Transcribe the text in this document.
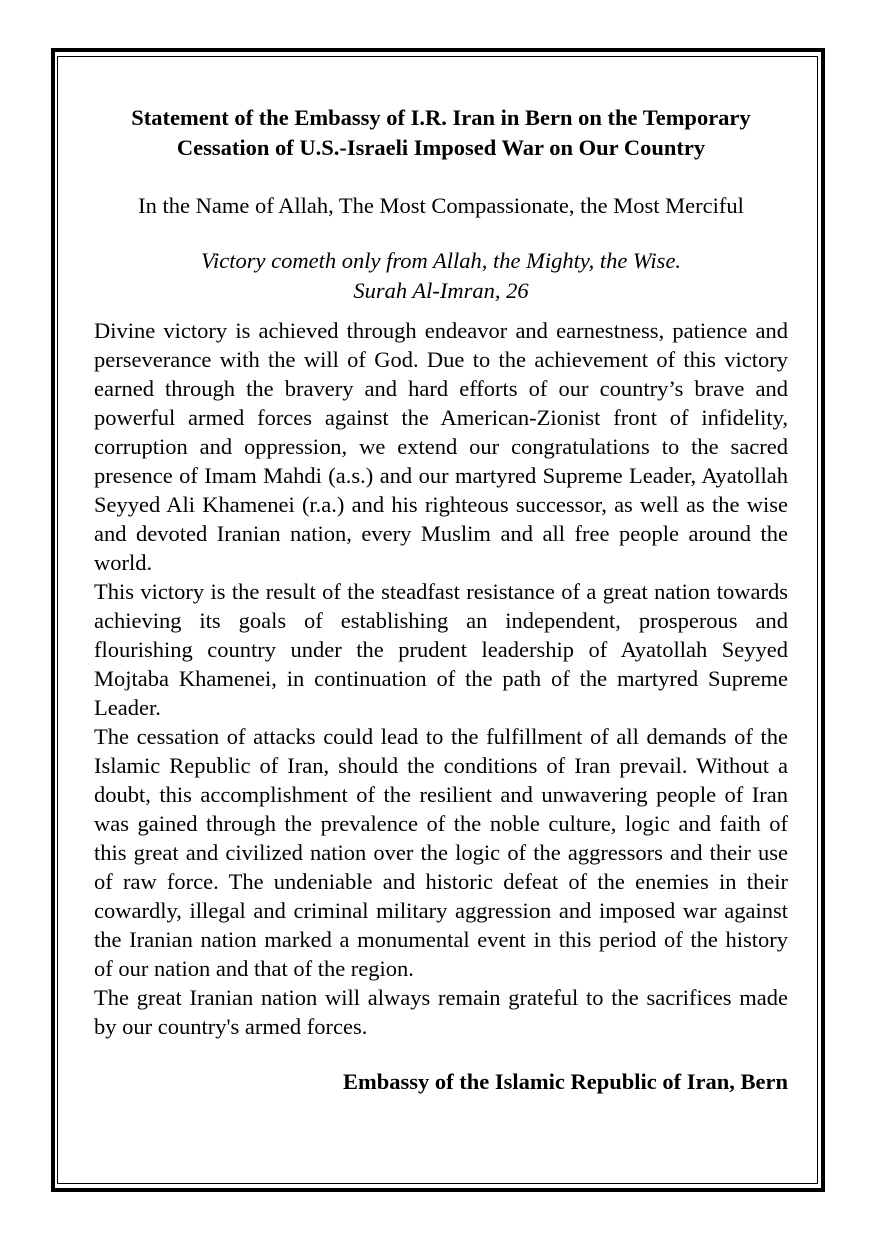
Statement of the Embassy of I.R. Iran in Bern on the Temporary
Cessation of U.S.-Israeli Imposed War on Our Country

In the Name of Allah, The Most Compassionate, the Most Merciful

Victory cometh only from Allah, the Mighty, the Wise.
Surah Al-Imran, 26

Divine victory is achieved through endeavor and earnestness, patience and perseverance with the will of God. Due to the achievement of this victory earned through the bravery and hard efforts of our country’s brave and powerful armed forces against the American-Zionist front of infidelity, corruption and oppression, we extend our congratulations to the sacred presence of Imam Mahdi (a.s.) and our martyred Supreme Leader, Ayatollah Seyyed Ali Khamenei (r.a.) and his righteous successor, as well as the wise and devoted Iranian nation, every Muslim and all free people around the world.

This victory is the result of the steadfast resistance of a great nation towards achieving its goals of establishing an independent, prosperous and flourishing country under the prudent leadership of Ayatollah Seyyed Mojtaba Khamenei, in continuation of the path of the martyred Supreme Leader.

The cessation of attacks could lead to the fulfillment of all demands of the Islamic Republic of Iran, should the conditions of Iran prevail. Without a doubt, this accomplishment of the resilient and unwavering people of Iran was gained through the prevalence of the noble culture, logic and faith of this great and civilized nation over the logic of the aggressors and their use of raw force. The undeniable and historic defeat of the enemies in their cowardly, illegal and criminal military aggression and imposed war against the Iranian nation marked a monumental event in this period of the history of our nation and that of the region.

The great Iranian nation will always remain grateful to the sacrifices made by our country's armed forces.

Embassy of the Islamic Republic of Iran, Bern
